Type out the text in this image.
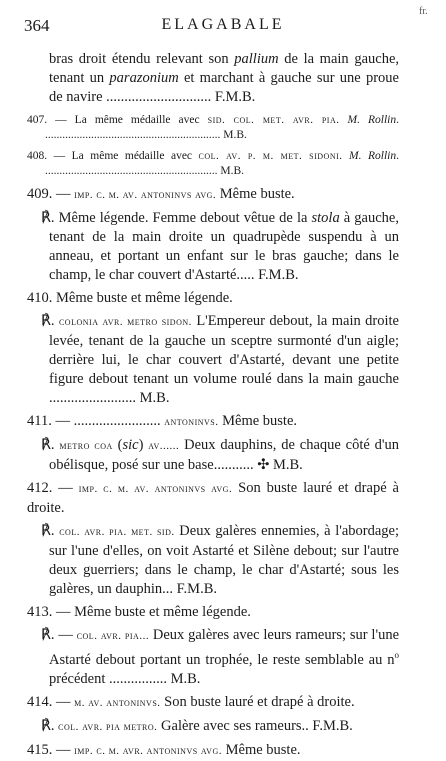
364	ELAGABALE
fr.

bras droit étendu relevant son pallium de la main gauche, tenant un parazonium et marchant à gauche sur une proue de navire ............................. F.M.B.

407. — La même médaille avec sid. col. met. avr. pia. M. Rollin. ............................................................. M.B.

408. — La même médaille avec col. av. p. m. met. sidoni. M. Rollin. ............................................................ M.B.

409. — imp. c. m. av. antoninvs avg. Même buste.

℟. Même légende. Femme debout vêtue de la stola à gauche, tenant de la main droite un quadrupède suspendu à un anneau, et portant un enfant sur le bras gauche; dans le champ, le char couvert d'Astarté..... F.M.B.

410. Même buste et même légende.

℟. colonia avr. metro sidon. L'Empereur debout, la main droite levée, tenant de la gauche un sceptre surmonté d'un aigle; derrière lui, le char couvert d'Astarté, devant une petite figure debout tenant un volume roulé dans la main gauche ........................ M.B.

411. — ........................ antoninvs. Même buste.

℟. metro coa (sic) av...... Deux dauphins, de chaque côté d'un obélisque, posé sur une base........... ✣ M.B.

412. — imp. c. m. av. antoninvs avg. Son buste lauré et drapé à droite.

℟. col. avr. pia. met. sid. Deux galères ennemies, à l'abordage; sur l'une d'elles, on voit Astarté et Silène debout; sur l'autre deux guerriers; dans le champ, le char d'Astarté; sous les galères, un dauphin... F.M.B.

413. — Même buste et même légende.

℟. — col. avr. pia... Deux galères avec leurs rameurs; sur l'une Astarté debout portant un trophée, le reste semblable au $n^o$ précédent ................ M.B.

414. — m. av. antoninvs. Son buste lauré et drapé à droite.

℟. col. avr. pia metro. Galère avec ses rameurs.. F.M.B.

415. — imp. c. m. avr. antoninvs avg. Même buste.
